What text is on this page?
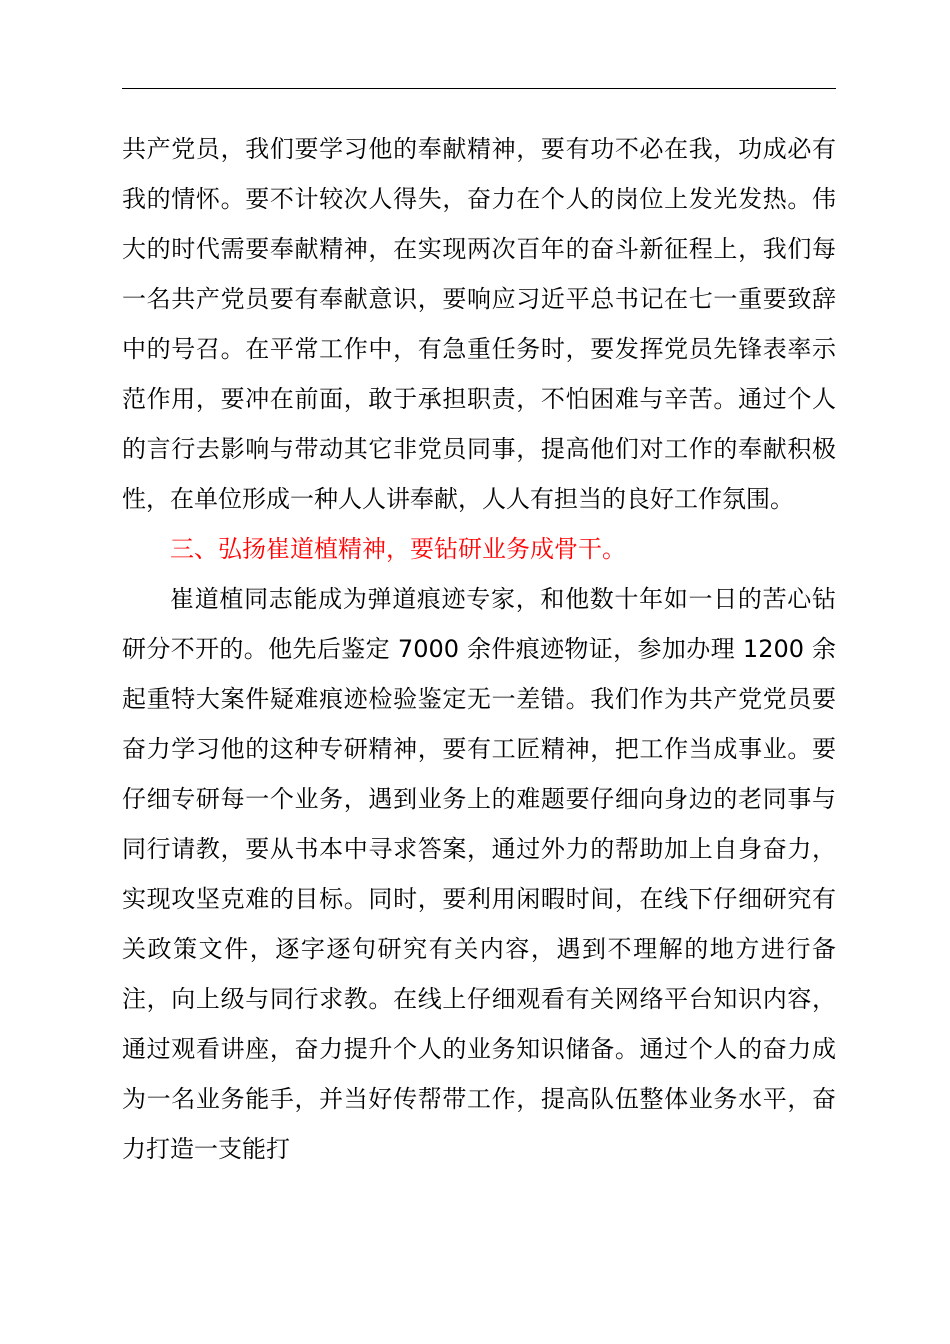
共产党员，我们要学习他的奉献精神，要有功不必在我，功成必有我的情怀。要不计较次人得失，奋力在个人的岗位上发光发热。伟大的时代需要奉献精神，在实现两次百年的奋斗新征程上，我们每一名共产党员要有奉献意识，要响应习近平总书记在七一重要致辞中的号召。在平常工作中，有急重任务时，要发挥党员先锋表率示范作用，要冲在前面，敢于承担职责，不怕困难与辛苦。通过个人的言行去影响与带动其它非党员同事，提高他们对工作的奉献积极性，在单位形成一种人人讲奉献，人人有担当的良好工作氛围。

三、弘扬崔道植精神，要钻研业务成骨干。

崔道植同志能成为弹道痕迹专家，和他数十年如一日的苦心钻研分不开的。他先后鉴定 7000 余件痕迹物证，参加办理 1200 余起重特大案件疑难痕迹检验鉴定无一差错。我们作为共产党党员要奋力学习他的这种专研精神，要有工匠精神，把工作当成事业。要仔细专研每一个业务，遇到业务上的难题要仔细向身边的老同事与同行请教，要从书本中寻求答案，通过外力的帮助加上自身奋力，实现攻坚克难的目标。同时，要利用闲暇时间，在线下仔细研究有关政策文件，逐字逐句研究有关内容，遇到不理解的地方进行备注，向上级与同行求教。在线上仔细观看有关网络平台知识内容，通过观看讲座，奋力提升个人的业务知识储备。通过个人的奋力成为一名业务能手，并当好传帮带工作，提高队伍整体业务水平，奋力打造一支能打
